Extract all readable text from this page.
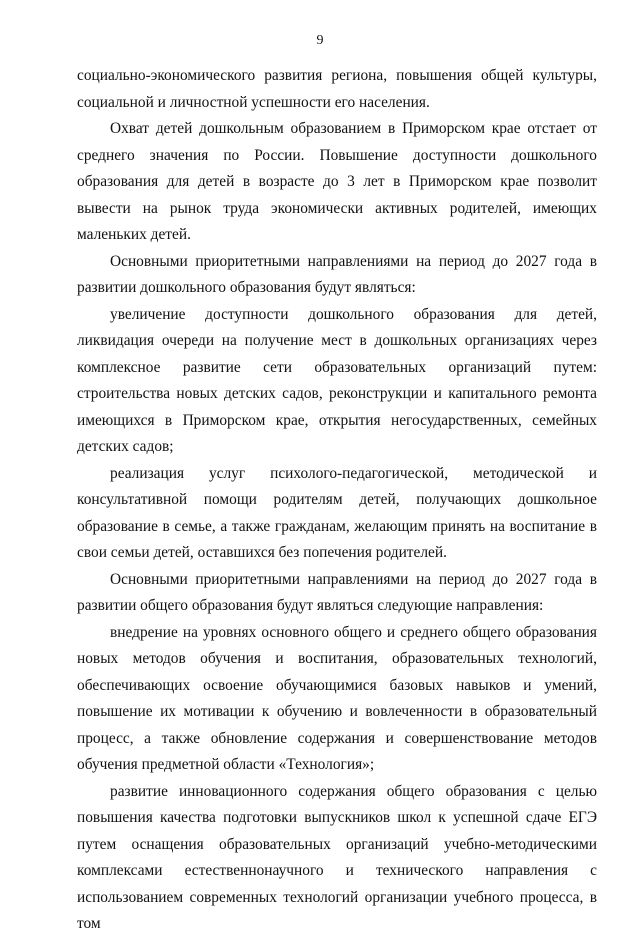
9

социально-экономического развития региона, повышения общей культуры, социальной и личностной успешности его населения.

Охват детей дошкольным образованием в Приморском крае отстает от среднего значения по России. Повышение доступности дошкольного образования для детей в возрасте до 3 лет в Приморском крае позволит вывести на рынок труда экономически активных родителей, имеющих маленьких детей.

Основными приоритетными направлениями на период до 2027 года в развитии дошкольного образования будут являться:

увеличение доступности дошкольного образования для детей, ликвидация очереди на получение мест в дошкольных организациях через комплексное развитие сети образовательных организаций путем: строительства новых детских садов, реконструкции и капитального ремонта имеющихся в Приморском крае, открытия негосударственных, семейных детских садов;

реализация услуг психолого-педагогической, методической и консультативной помощи родителям детей, получающих дошкольное образование в семье, а также гражданам, желающим принять на воспитание в свои семьи детей, оставшихся без попечения родителей.

Основными приоритетными направлениями на период до 2027 года в развитии общего образования будут являться следующие направления:

внедрение на уровнях основного общего и среднего общего образования новых методов обучения и воспитания, образовательных технологий, обеспечивающих освоение обучающимися базовых навыков и умений, повышение их мотивации к обучению и вовлеченности в образовательный процесс, а также обновление содержания и совершенствование методов обучения предметной области «Технология»;

развитие инновационного содержания общего образования с целью повышения качества подготовки выпускников школ к успешной сдаче ЕГЭ путем оснащения образовательных организаций учебно-методическими комплексами естественнонаучного и технического направления с использованием современных технологий организации учебного процесса, в том
